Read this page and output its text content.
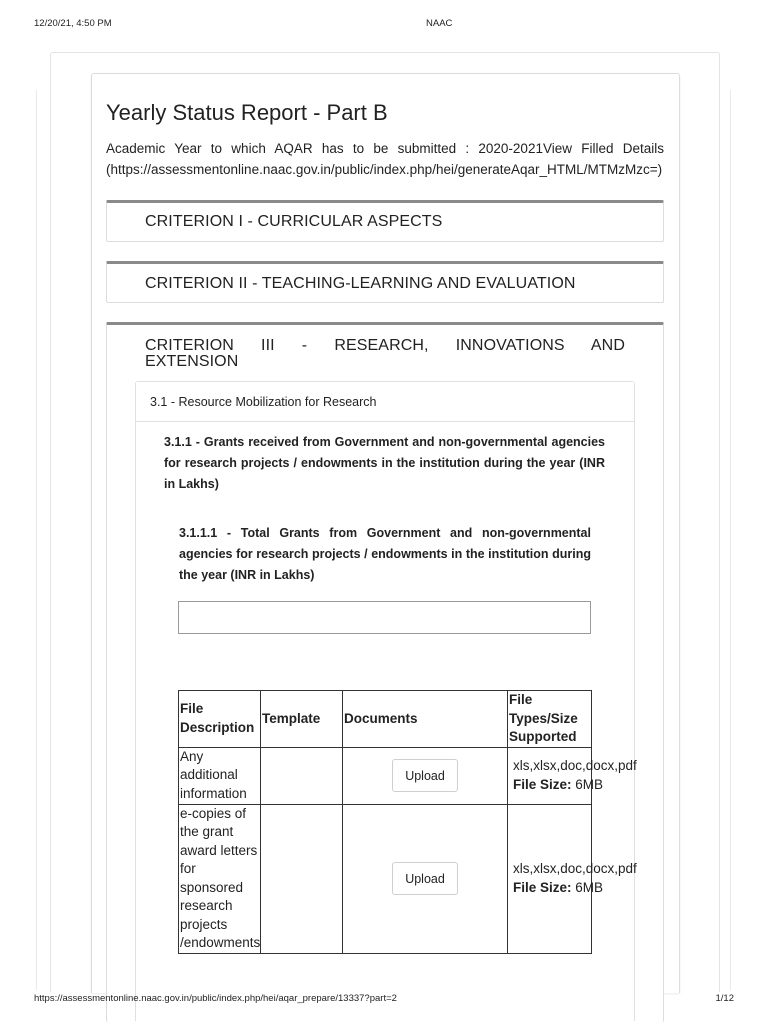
12/20/21, 4:50 PM	NAAC
Yearly Status Report - Part B
Academic Year to which AQAR has to be submitted : 2020-2021View Filled Details
(https://assessmentonline.naac.gov.in/public/index.php/hei/generateAqar_HTML/MTMzMzc=)
CRITERION I - CURRICULAR ASPECTS
CRITERION II - TEACHING-LEARNING AND EVALUATION
CRITERION III - RESEARCH, INNOVATIONS AND
EXTENSION
3.1 - Resource Mobilization for Research
3.1.1 - Grants received from Government and non-governmental agencies for research projects / endowments in the institution during the year (INR in Lakhs)
3.1.1.1 - Total Grants from Government and non-governmental agencies for research projects / endowments in the institution during the year (INR in Lakhs)
File Description	Template	Documents	File Types/Size Supported
Any additional information		Upload	xls,xlsx,doc,docx,pdf
File Size: 6MB

e-copies of the grant award letters for sponsored research projects /endowments		Upload	xls,xlsx,doc,docx,pdf
File Size: 6MB
https://assessmentonline.naac.gov.in/public/index.php/hei/aqar_prepare/13337?part=2	1/12
